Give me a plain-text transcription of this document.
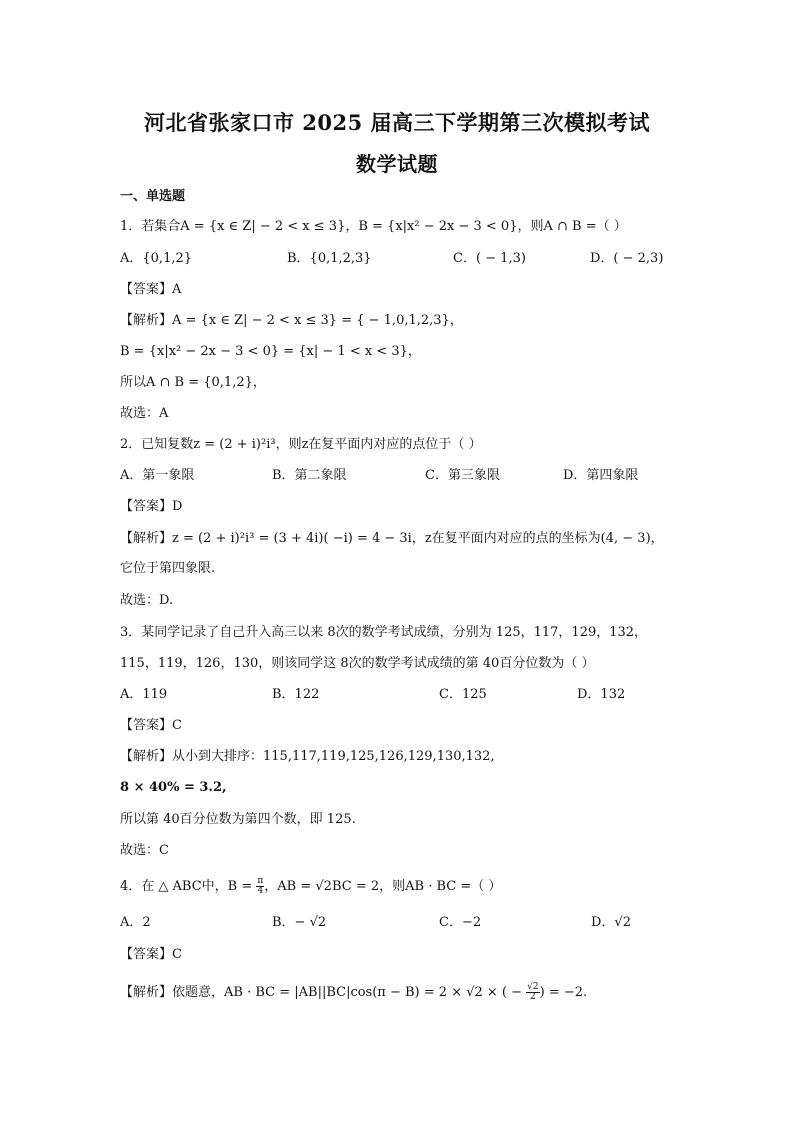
河北省张家口市 2025 届高三下学期第三次模拟考试
数学试题
一、单选题
1．若集合A = {x ∈ Z| − 2 < x ≤ 3}，B = {x|x² − 2x − 3 < 0}，则A ∩ B =（ ）
A．{0,1,2}	B．{0,1,2,3}	C．( − 1,3)	D．( − 2,3)
【答案】A
【解析】A = {x ∈ Z| − 2 < x ≤ 3} = { − 1,0,1,2,3}，
B = {x|x² − 2x − 3 < 0} = {x| − 1 < x < 3}，
所以A ∩ B = {0,1,2}，
故选：A
2．已知复数z = (2 + i)²i³，则z在复平面内对应的点位于（ ）
A．第一象限	B．第二象限	C．第三象限	D．第四象限
【答案】D
【解析】z = (2 + i)²i³ = (3 + 4i)( −i) = 4 − 3i，z在复平面内对应的点的坐标为(4, − 3)，
它位于第四象限.
故选：D.
3．某同学记录了自己升入高三以来 8次的数学考试成绩，分别为 125，117，129，132，
115，119，126，130，则该同学这 8次的数学考试成绩的第 40百分位数为（ ）
A．119	B．122	C．125	D．132
【答案】C
【解析】从小到大排序：115,117,119,125,126,129,130,132,
8 × 40% = 3.2,
所以第 40百分位数为第四个数，即 125.
故选：C
4．在 △ ABC中，$B = \frac{\pi}{4}$ ，AB = √2BC = 2，则AB · BC =（ ）
A．2	B．− √2	C．−2	D．√2
【答案】C
【解析】依题意，AB · BC = |AB||BC|cos(π − B) = 2 × √2 × ( − $\frac{√2}{2}$ ) = −2.
